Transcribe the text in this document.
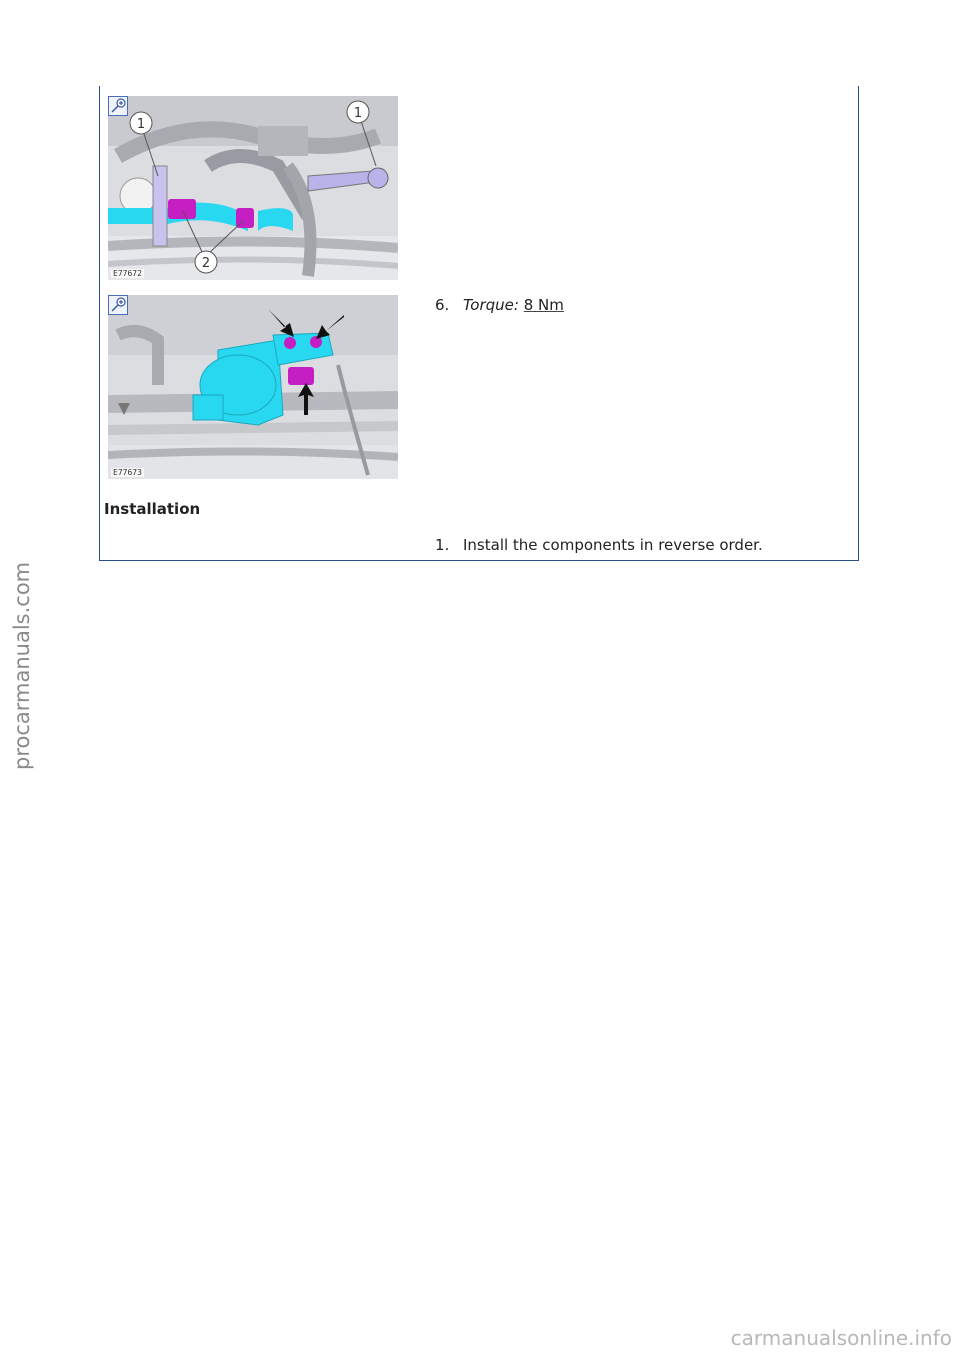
1
1
2
E77672
E77673
6. Torque: 8 Nm
Installation
1. Install the components in reverse order.
procarmanuals.com
carmanualsonline.info
